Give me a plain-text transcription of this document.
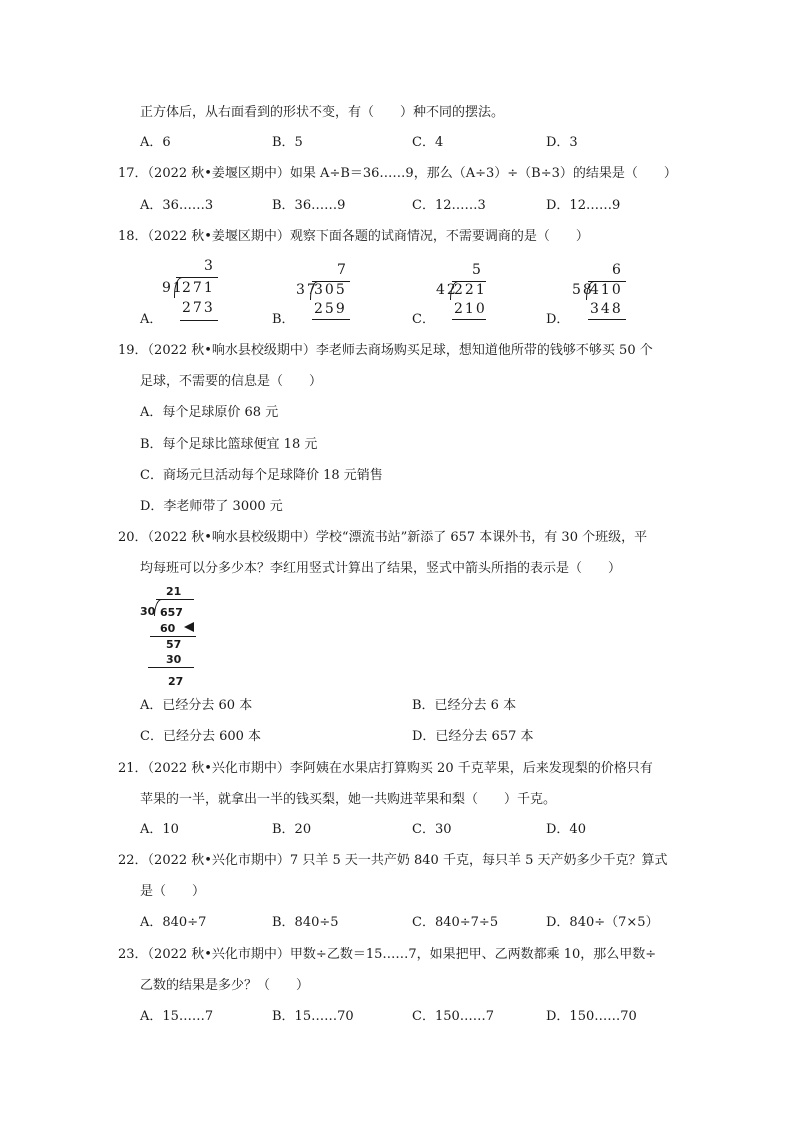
正方体后，从右面看到的形状不变，有（　　）种不同的摆法。
A．6	B．5	C．4	D．3
17．（2022 秋•姜堰区期中）如果 A÷B＝36……9，那么（A÷3）÷（B÷3）的结果是（　　）
A．36……3	B．36……9	C．12……3	D．12……9
18．（2022 秋•姜堰区期中）观察下面各题的试商情况，不需要调商的是（　　）
3
91
271
273
A．
7
37
305
259
B．
5
42
221
210
C．
6
58
410
348
D．
19．（2022 秋•响水县校级期中）李老师去商场购买足球，想知道他所带的钱够不够买 50 个
足球，不需要的信息是（　　）
A．每个足球原价 68 元
B．每个足球比篮球便宜 18 元
C．商场元旦活动每个足球降价 18 元销售
D．李老师带了 3000 元
20．（2022 秋•响水县校级期中）学校“漂流书站”新添了 657 本课外书，有 30 个班级，平
均每班可以分多少本？李红用竖式计算出了结果，竖式中箭头所指的表示是（　　）
21
30 657
60
57
30
27
A．已经分去 60 本	B．已经分去 6 本
C．已经分去 600 本	D．已经分去 657 本
21．（2022 秋•兴化市期中）李阿姨在水果店打算购买 20 千克苹果，后来发现梨的价格只有
苹果的一半，就拿出一半的钱买梨，她一共购进苹果和梨（　　）千克。
A．10	B．20	C．30	D．40
22．（2022 秋•兴化市期中）7 只羊 5 天一共产奶 840 千克，每只羊 5 天产奶多少千克？算式
是（　　）
A．840÷7	B．840÷5	C．840÷7÷5	D．840÷（7×5）
23．（2022 秋•兴化市期中）甲数÷乙数＝15……7，如果把甲、乙两数都乘 10，那么甲数÷
乙数的结果是多少？（　　）
A．15……7	B．15……70	C．150……7	D．150……70
